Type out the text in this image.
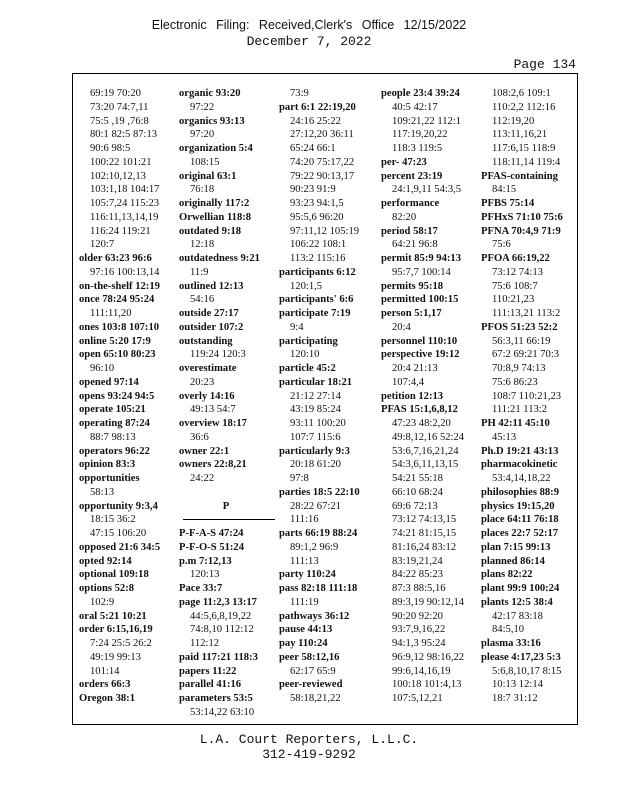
Electronic Filing: Received,Clerk's Office 12/15/2022
December 7, 2022
Page 134
69:19 70:20
73:20 74:7,11
75:5 ,19 ,76:8
80:1 82:5 87:13
90:6 98:5
100:22 101:21
102:10,12,13
103:1,18 104:17
105:7,24 115:23
116:11,13,14,19
116:24 119:21
120:7
older 63:23 96:6
97:16 100:13,14
on-the-shelf 12:19
once 78:24 95:24
111:11,20
ones 103:8 107:10
online 5:20 17:9
open 65:10 80:23
96:10
opened 97:14
opens 93:24 94:5
operate 105:21
operating 87:24
88:7 98:13
operators 96:22
opinion 83:3
opportunities
58:13
opportunity 9:3,4
18:15 36:2
47:15 106:20
opposed 21:6 34:5
opted 92:14
optional 109:18
options 52:8
102:9
oral 5:21 10:21
order 6:15,16,19
7:24 25:5 26:2
49:19 99:13
101:14
orders 66:3
Oregon 38:1
organic 93:20
97:22
organics 93:13
97:20
organization 5:4
108:15
original 63:1
76:18
originally 117:2
Orwellian 118:8
outdated 9:18
12:18
outdatedness 9:21
11:9
outlined 12:13
54:16
outside 27:17
outsider 107:2
outstanding
119:24 120:3
overestimate
20:23
overly 14:16
49:13 54:7
overview 18:17
36:6
owner 22:1
owners 22:8,21
24:22

P
P-F-A-S 47:24
P-F-O-S 51:24
p.m 7:12,13
120:13
Pace 33:7
page 11:2,3 13:17
44:5,6,8,19,22
74:8,10 112:12
112:12
paid 117:21 118:3
papers 11:22
parallel 41:16
parameters 53:5
53:14,22 63:10
73:9
part 6:1 22:19,20
24:16 25:22
27:12,20 36:11
65:24 66:1
74:20 75:17,22
79:22 90:13,17
90:23 91:9
93:23 94:1,5
95:5,6 96:20
97:11,12 105:19
106:22 108:1
113:2 115:16
participants 6:12
120:1,5
participants' 6:6
participate 7:19
9:4
participating
120:10
particle 45:2
particular 18:21
21:12 27:14
43:19 85:24
93:11 100:20
107:7 115:6
particularly 9:3
20:18 61:20
97:8
parties 18:5 22:10
28:22 67:21
111:16
parts 66:19 88:24
89:1,2 96:9
111:13
party 110:24
pass 82:18 111:18
111:19
pathways 36:12
pause 44:13
pay 110:24
peer 58:12,16
62:17 65:9
peer-reviewed
58:18,21,22
people 23:4 39:24
40:5 42:17
109:21,22 112:1
117:19,20,22
118:3 119:5
per- 47:23
percent 23:19
24:1,9,11 54:3,5
performance
82:20
period 58:17
64:21 96:8
permit 85:9 94:13
95:7,7 100:14
permits 95:18
permitted 100:15
person 5:1,17
20:4
personnel 110:10
perspective 19:12
20:4 21:13
107:4,4
petition 12:13
PFAS 15:1,6,8,12
47:23 48:2,20
49:8,12,16 52:24
53:6,7,16,21,24
54:3,6,11,13,15
54:21 55:18
66:10 68:24
69:6 72:13
73:12 74:13,15
74:21 81:15,15
81:16,24 83:12
83:19,21,24
84:22 85:23
87:3 88:5,16
89:3,19 90:12,14
90:20 92:20
93:7,9,16,22
94:1,3 95:24
96:9,12 98:16,22
99:6,14,16,19
100:18 101:4,13
107:5,12,21
108:2,6 109:1
110:2,2 112:16
112:19,20
113:11,16,21
117:6,15 118:9
118:11,14 119:4
PFAS-containing
84:15
PFBS 75:14
PFHxS 71:10 75:6
PFNA 70:4,9 71:9
75:6
PFOA 66:19,22
73:12 74:13
75:6 108:7
110:21,23
111:13,21 113:2
PFOS 51:23 52:2
56:3,11 66:19
67:2 69:21 70:3
70:8,9 74:13
75:6 86:23
108:7 110:21,23
111:21 113:2
PH 42:11 45:10
45:13
Ph.D 19:21 43:13
pharmacokinetic
53:4,14,18,22
philosophies 88:9
physics 19:15,20
place 64:11 76:18
places 22:7 52:17
plan 7:15 99:13
planned 86:14
plans 82:22
plant 99:9 100:24
plants 12:5 38:4
42:17 83:18
84:5,10
plasma 33:16
please 4:17,23 5:3
5:6,8,10,17 8:15
10:13 12:14
18:7 31:12
L.A. Court Reporters, L.L.C.
312-419-9292
